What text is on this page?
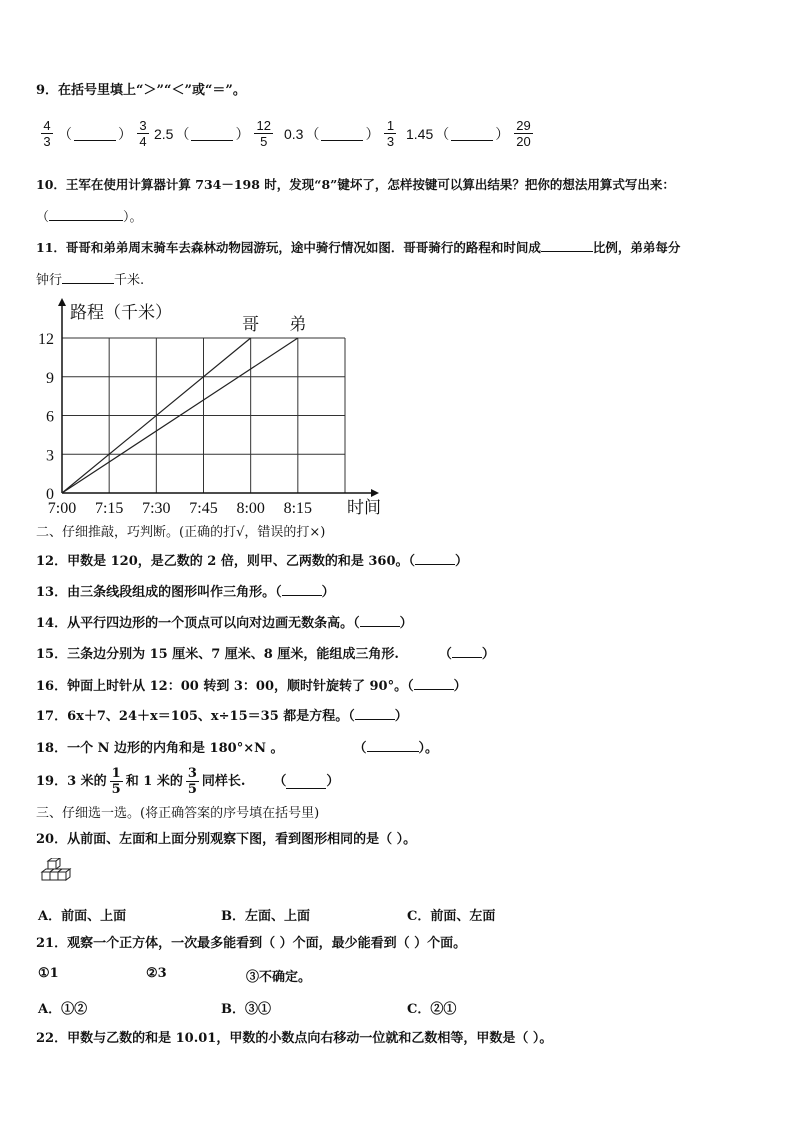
9．在括号里填上“＞”“＜”或“＝”。
$\frac{4}{3}$ （	） $\frac{3}{4} 2.5$ （	） $\frac{12}{5} 0.3$ （	） $\frac{1}{3} 1.45$ （	） $\frac{29}{20}$
10．王军在使用计算器计算 734－198 时，发现“8”键坏了，怎样按键可以算出结果？把你的想法用算式写出来：
（	）。
11．哥哥和弟弟周末骑车去森林动物园游玩，途中骑行情况如图．哥哥骑行的路程和时间成	比例，弟弟每分
钟行	千米.
0
3
6
9
12
7:00 7:15 7:30 7:45 8:00 8:15
路程（千米）
时间
哥 弟
二、仔细推敲，巧判断。(正确的打√，错误的打×)
12．甲数是 120，是乙数的 2 倍，则甲、乙两数的和是 360。（	）
13．由三条线段组成的图形叫作三角形。（	）
14．从平行四边形的一个顶点可以向对边画无数条高。（	）
15．三条边分别为 15 厘米、7 厘米、8 厘米，能组成三角形.	（ ）
16．钟面上时针从 12：00 转到 3：00，顺时针旋转了 90°。（	）
17．6x＋7、24＋x＝105、x÷15＝35 都是方程。（	）
18．一个 N 边形的内角和是 180°×N 。	（	）。
19．3 米的 $\frac{1}{5}$ 和 1 米的 $\frac{3}{5}$ 同样长. （	）
三、仔细选一选。(将正确答案的序号填在括号里)
20．从前面、左面和上面分别观察下图，看到图形相同的是（ ）。
A．前面、上面	B．左面、上面	C．前面、左面
21．观察一个正方体，一次最多能看到（ ）个面，最少能看到（ ）个面。
①1	②3	③不确定。
A．①②	B．③①	C．②①
22．甲数与乙数的和是 10.01，甲数的小数点向右移动一位就和乙数相等，甲数是（ ）。
